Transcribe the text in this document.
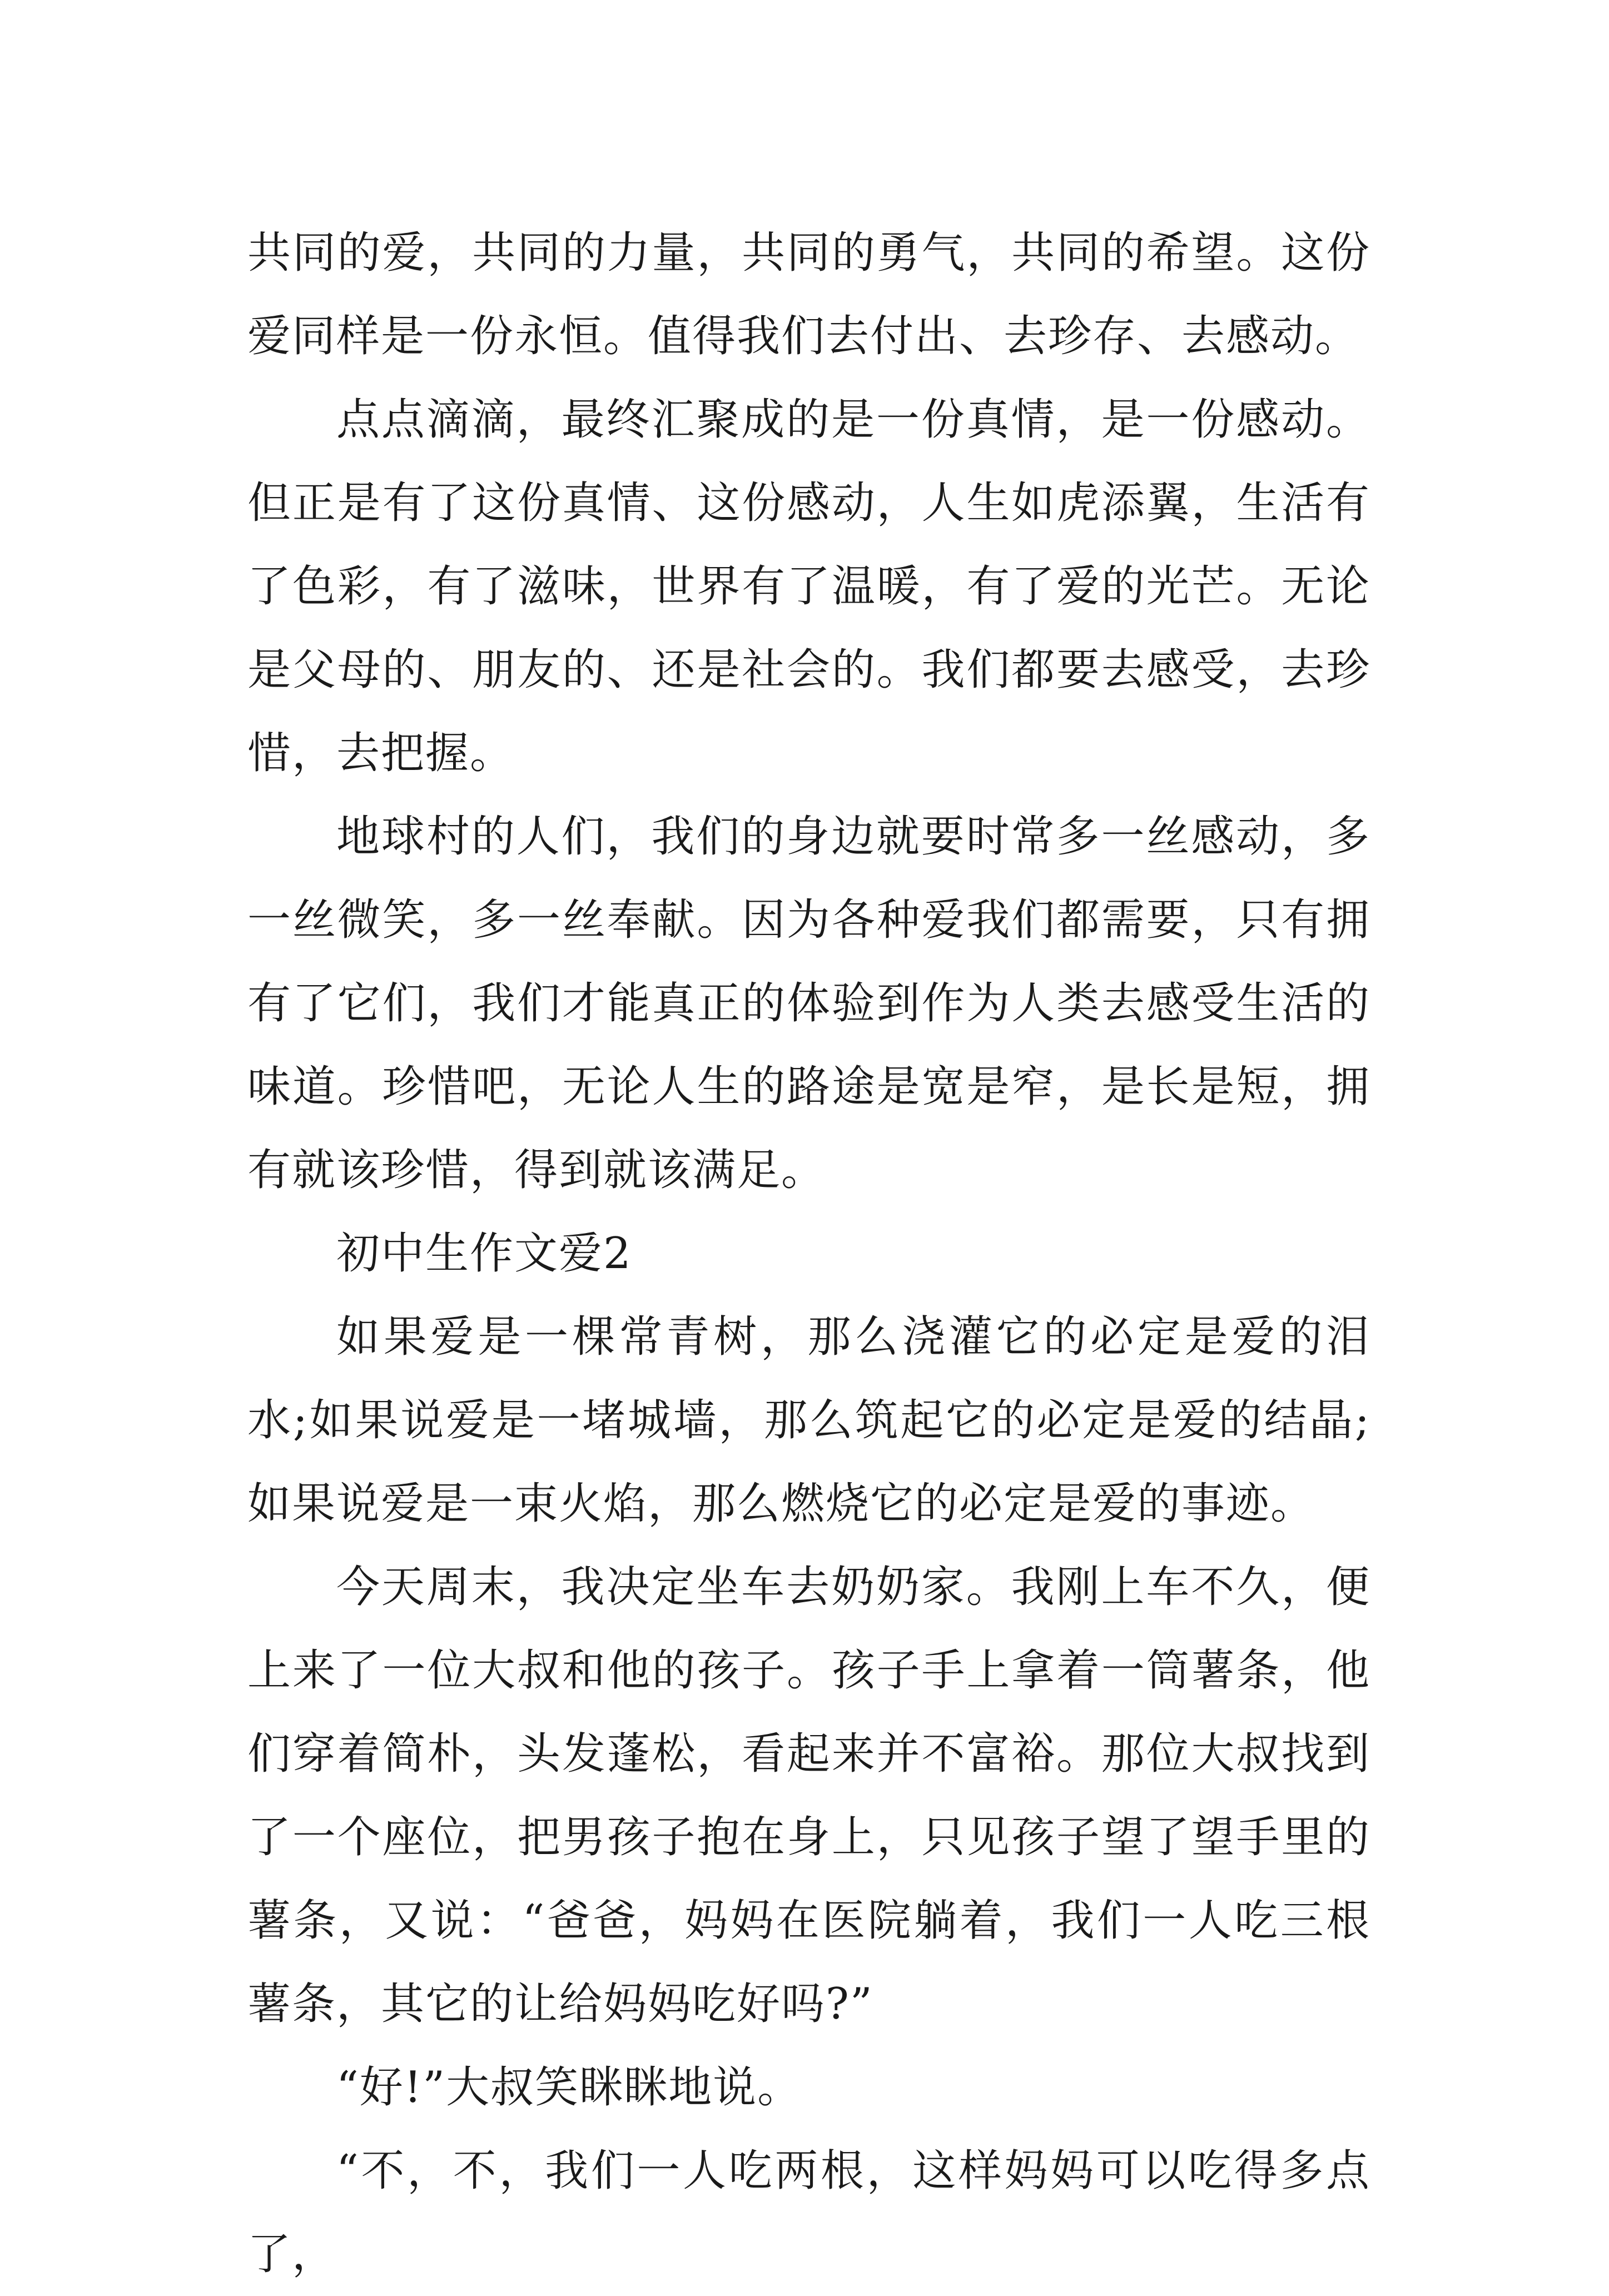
共同的爱，共同的力量，共同的勇气，共同的希望。这份爱同样是一份永恒。值得我们去付出、去珍存、去感动。

点点滴滴，最终汇聚成的是一份真情，是一份感动。但正是有了这份真情、这份感动，人生如虎添翼，生活有了色彩，有了滋味，世界有了温暖，有了爱的光芒。无论是父母的、朋友的、还是社会的。我们都要去感受，去珍惜，去把握。

地球村的人们，我们的身边就要时常多一丝感动，多一丝微笑，多一丝奉献。因为各种爱我们都需要，只有拥有了它们，我们才能真正的体验到作为人类去感受生活的味道。珍惜吧，无论人生的路途是宽是窄，是长是短，拥有就该珍惜，得到就该满足。

初中生作文爱2

如果爱是一棵常青树，那么浇灌它的必定是爱的泪水;如果说爱是一堵城墙，那么筑起它的必定是爱的结晶;如果说爱是一束火焰，那么燃烧它的必定是爱的事迹。

今天周末，我决定坐车去奶奶家。我刚上车不久，便上来了一位大叔和他的孩子。孩子手上拿着一筒薯条，他们穿着简朴，头发蓬松，看起来并不富裕。那位大叔找到了一个座位，把男孩子抱在身上，只见孩子望了望手里的薯条，又说：“爸爸，妈妈在医院躺着，我们一人吃三根薯条，其它的让给妈妈吃好吗?”

“好!”大叔笑眯眯地说。

“不，不，我们一人吃两根，这样妈妈可以吃得多点了，
